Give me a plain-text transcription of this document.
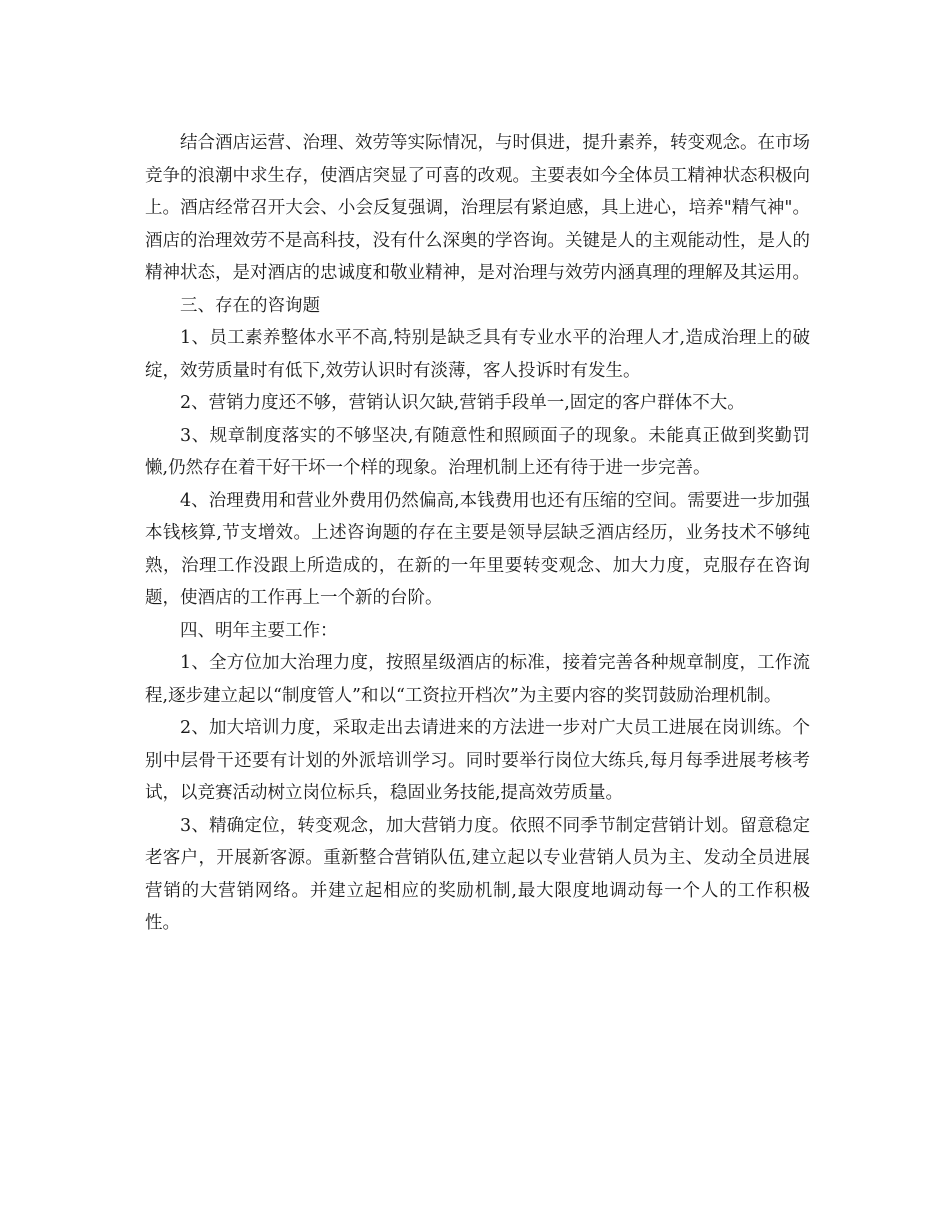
结合酒店运营、治理、效劳等实际情况，与时俱进，提升素养，转变观念。在市场竞争的浪潮中求生存，使酒店突显了可喜的改观。主要表如今全体员工精神状态积极向上。酒店经常召开大会、小会反复强调，治理层有紧迫感，具上进心，培养"精气神"。酒店的治理效劳不是高科技，没有什么深奥的学咨询。关键是人的主观能动性，是人的精神状态，是对酒店的忠诚度和敬业精神，是对治理与效劳内涵真理的理解及其运用。

三、存在的咨询题

1、员工素养整体水平不高,特别是缺乏具有专业水平的治理人才,造成治理上的破绽，效劳质量时有低下,效劳认识时有淡薄，客人投诉时有发生。

2、营销力度还不够，营销认识欠缺,营销手段单一,固定的客户群体不大。

3、规章制度落实的不够坚决,有随意性和照顾面子的现象。未能真正做到奖勤罚懒,仍然存在着干好干坏一个样的现象。治理机制上还有待于进一步完善。

4、治理费用和营业外费用仍然偏高,本钱费用也还有压缩的空间。需要进一步加强本钱核算,节支增效。上述咨询题的存在主要是领导层缺乏酒店经历，业务技术不够纯熟，治理工作没跟上所造成的，在新的一年里要转变观念、加大力度，克服存在咨询题，使酒店的工作再上一个新的台阶。

四、明年主要工作：

1、全方位加大治理力度，按照星级酒店的标准，接着完善各种规章制度，工作流程,逐步建立起以“制度管人”和以“工资拉开档次”为主要内容的奖罚鼓励治理机制。

2、加大培训力度，采取走出去请进来的方法进一步对广大员工进展在岗训练。个别中层骨干还要有计划的外派培训学习。同时要举行岗位大练兵,每月每季进展考核考试，以竞赛活动树立岗位标兵，稳固业务技能,提高效劳质量。

3、精确定位，转变观念，加大营销力度。依照不同季节制定营销计划。留意稳定老客户，开展新客源。重新整合营销队伍,建立起以专业营销人员为主、发动全员进展营销的大营销网络。并建立起相应的奖励机制,最大限度地调动每一个人的工作积极性。
